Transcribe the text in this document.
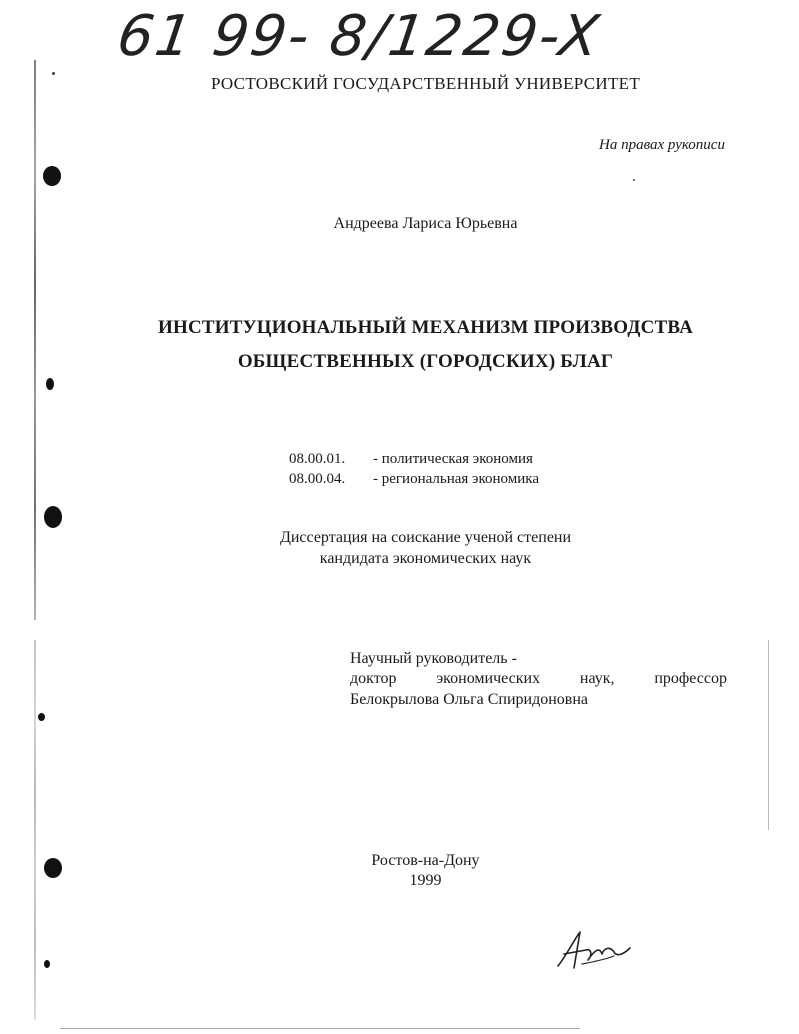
61 99- 8/1229-X
РОСТОВСКИЙ ГОСУДАРСТВЕННЫЙ УНИВЕРСИТЕТ
На правах рукописи
Андреева Лариса Юрьевна
ИНСТИТУЦИОНАЛЬНЫЙ МЕХАНИЗМ ПРОИЗВОДСТВА
ОБЩЕСТВЕННЫХ (ГОРОДСКИХ) БЛАГ
08.00.01. - политическая экономия
08.00.04. - региональная экономика
Диссертация на соискание ученой степени
кандидата экономических наук
Научный руководитель -
доктор экономических наук, профессор
Белокрылова Ольга Спиридоновна
Ростов-на-Дону
1999
